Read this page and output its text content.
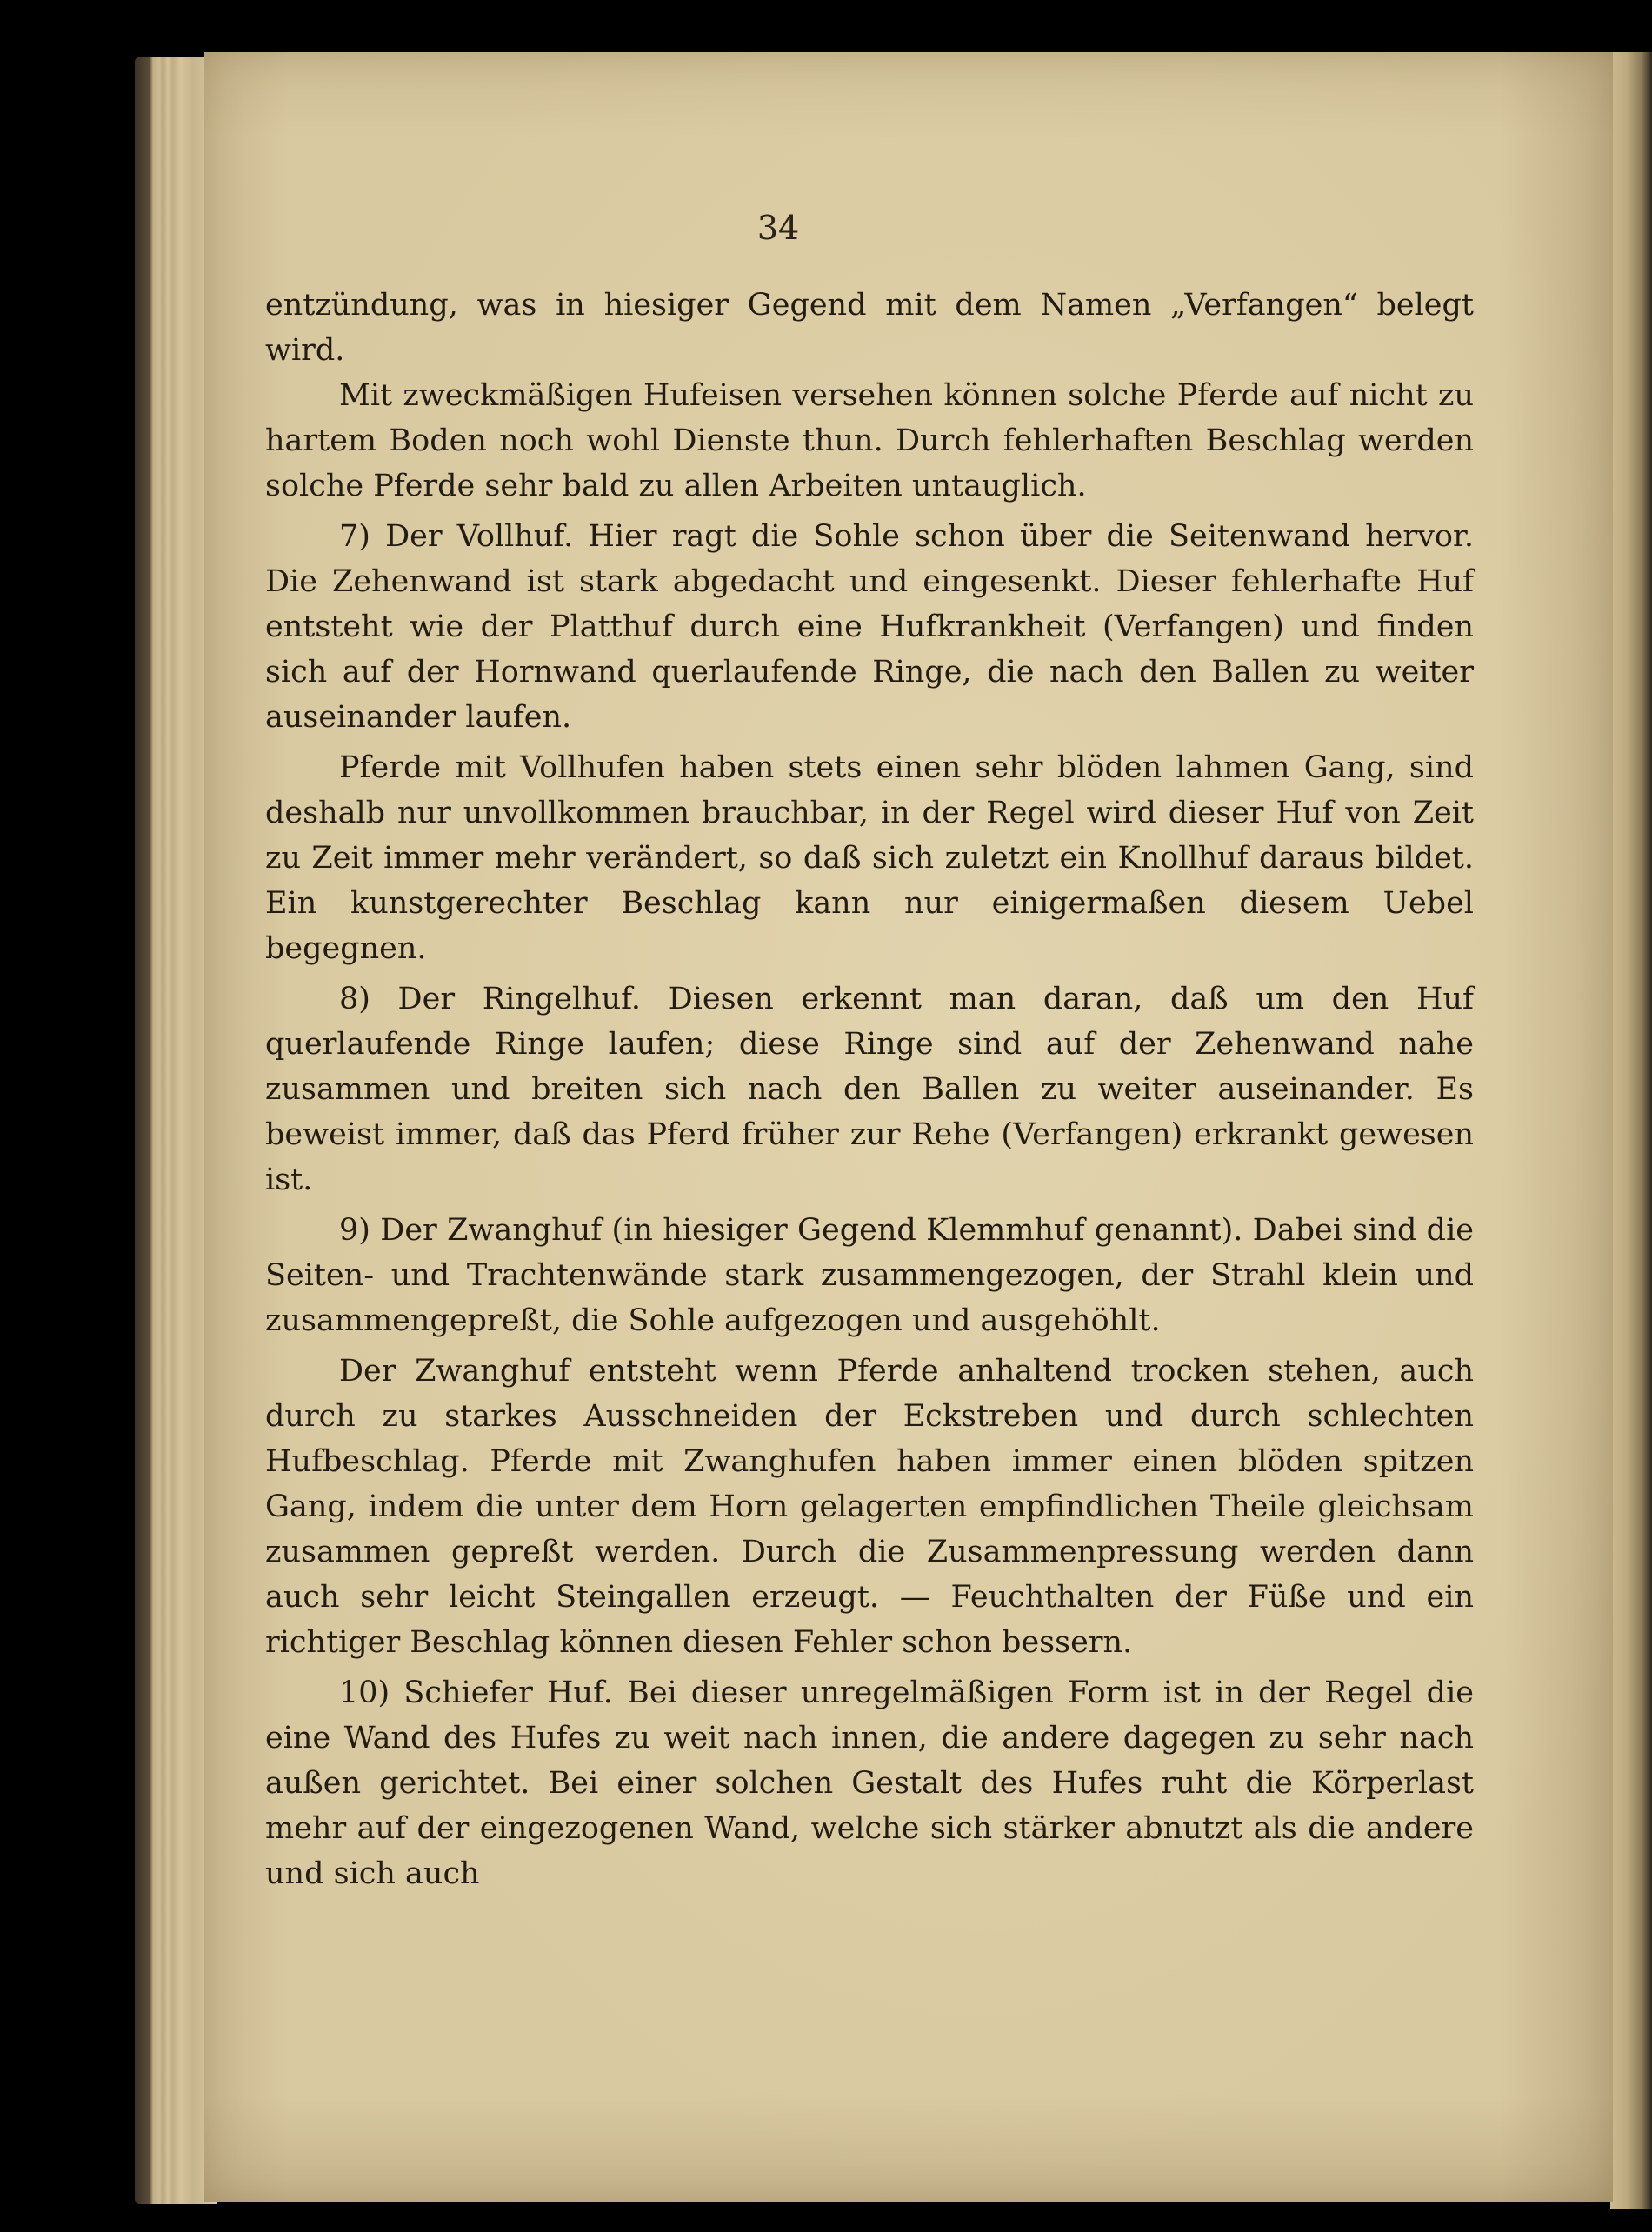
34

entzündung, was in hiesiger Gegend mit dem Namen „Verfangen“ belegt wird.

Mit zweckmäßigen Hufeisen versehen können solche Pferde auf nicht zu hartem Boden noch wohl Dienste thun. Durch fehlerhaften Beschlag werden solche Pferde sehr bald zu allen Arbeiten untauglich.

7) Der Vollhuf. Hier ragt die Sohle schon über die Seitenwand hervor. Die Zehenwand ist stark abgedacht und eingesenkt. Dieser fehlerhafte Huf entsteht wie der Platthuf durch eine Hufkrankheit (Verfangen) und finden sich auf der Hornwand querlaufende Ringe, die nach den Ballen zu weiter auseinander laufen.

Pferde mit Vollhufen haben stets einen sehr blöden lahmen Gang, sind deshalb nur unvollkommen brauchbar, in der Regel wird dieser Huf von Zeit zu Zeit immer mehr verändert, so daß sich zuletzt ein Knollhuf daraus bildet. Ein kunstgerechter Beschlag kann nur einigermaßen diesem Uebel begegnen.

8) Der Ringelhuf. Diesen erkennt man daran, daß um den Huf querlaufende Ringe laufen; diese Ringe sind auf der Zehenwand nahe zusammen und breiten sich nach den Ballen zu weiter auseinander. Es beweist immer, daß das Pferd früher zur Rehe (Verfangen) erkrankt gewesen ist.

9) Der Zwanghuf (in hiesiger Gegend Klemmhuf genannt). Dabei sind die Seiten- und Trachtenwände stark zusammengezogen, der Strahl klein und zusammengepreßt, die Sohle aufgezogen und ausgehöhlt.

Der Zwanghuf entsteht wenn Pferde anhaltend trocken stehen, auch durch zu starkes Ausschneiden der Eckstreben und durch schlechten Hufbeschlag. Pferde mit Zwanghufen haben immer einen blöden spitzen Gang, indem die unter dem Horn gelagerten empfindlichen Theile gleichsam zusammen gepreßt werden. Durch die Zusammenpressung werden dann auch sehr leicht Steingallen erzeugt. — Feuchthalten der Füße und ein richtiger Beschlag können diesen Fehler schon bessern.

10) Schiefer Huf. Bei dieser unregelmäßigen Form ist in der Regel die eine Wand des Hufes zu weit nach innen, die andere dagegen zu sehr nach außen gerichtet. Bei einer solchen Gestalt des Hufes ruht die Körperlast mehr auf der eingezogenen Wand, welche sich stärker abnutzt als die andere und sich auch
